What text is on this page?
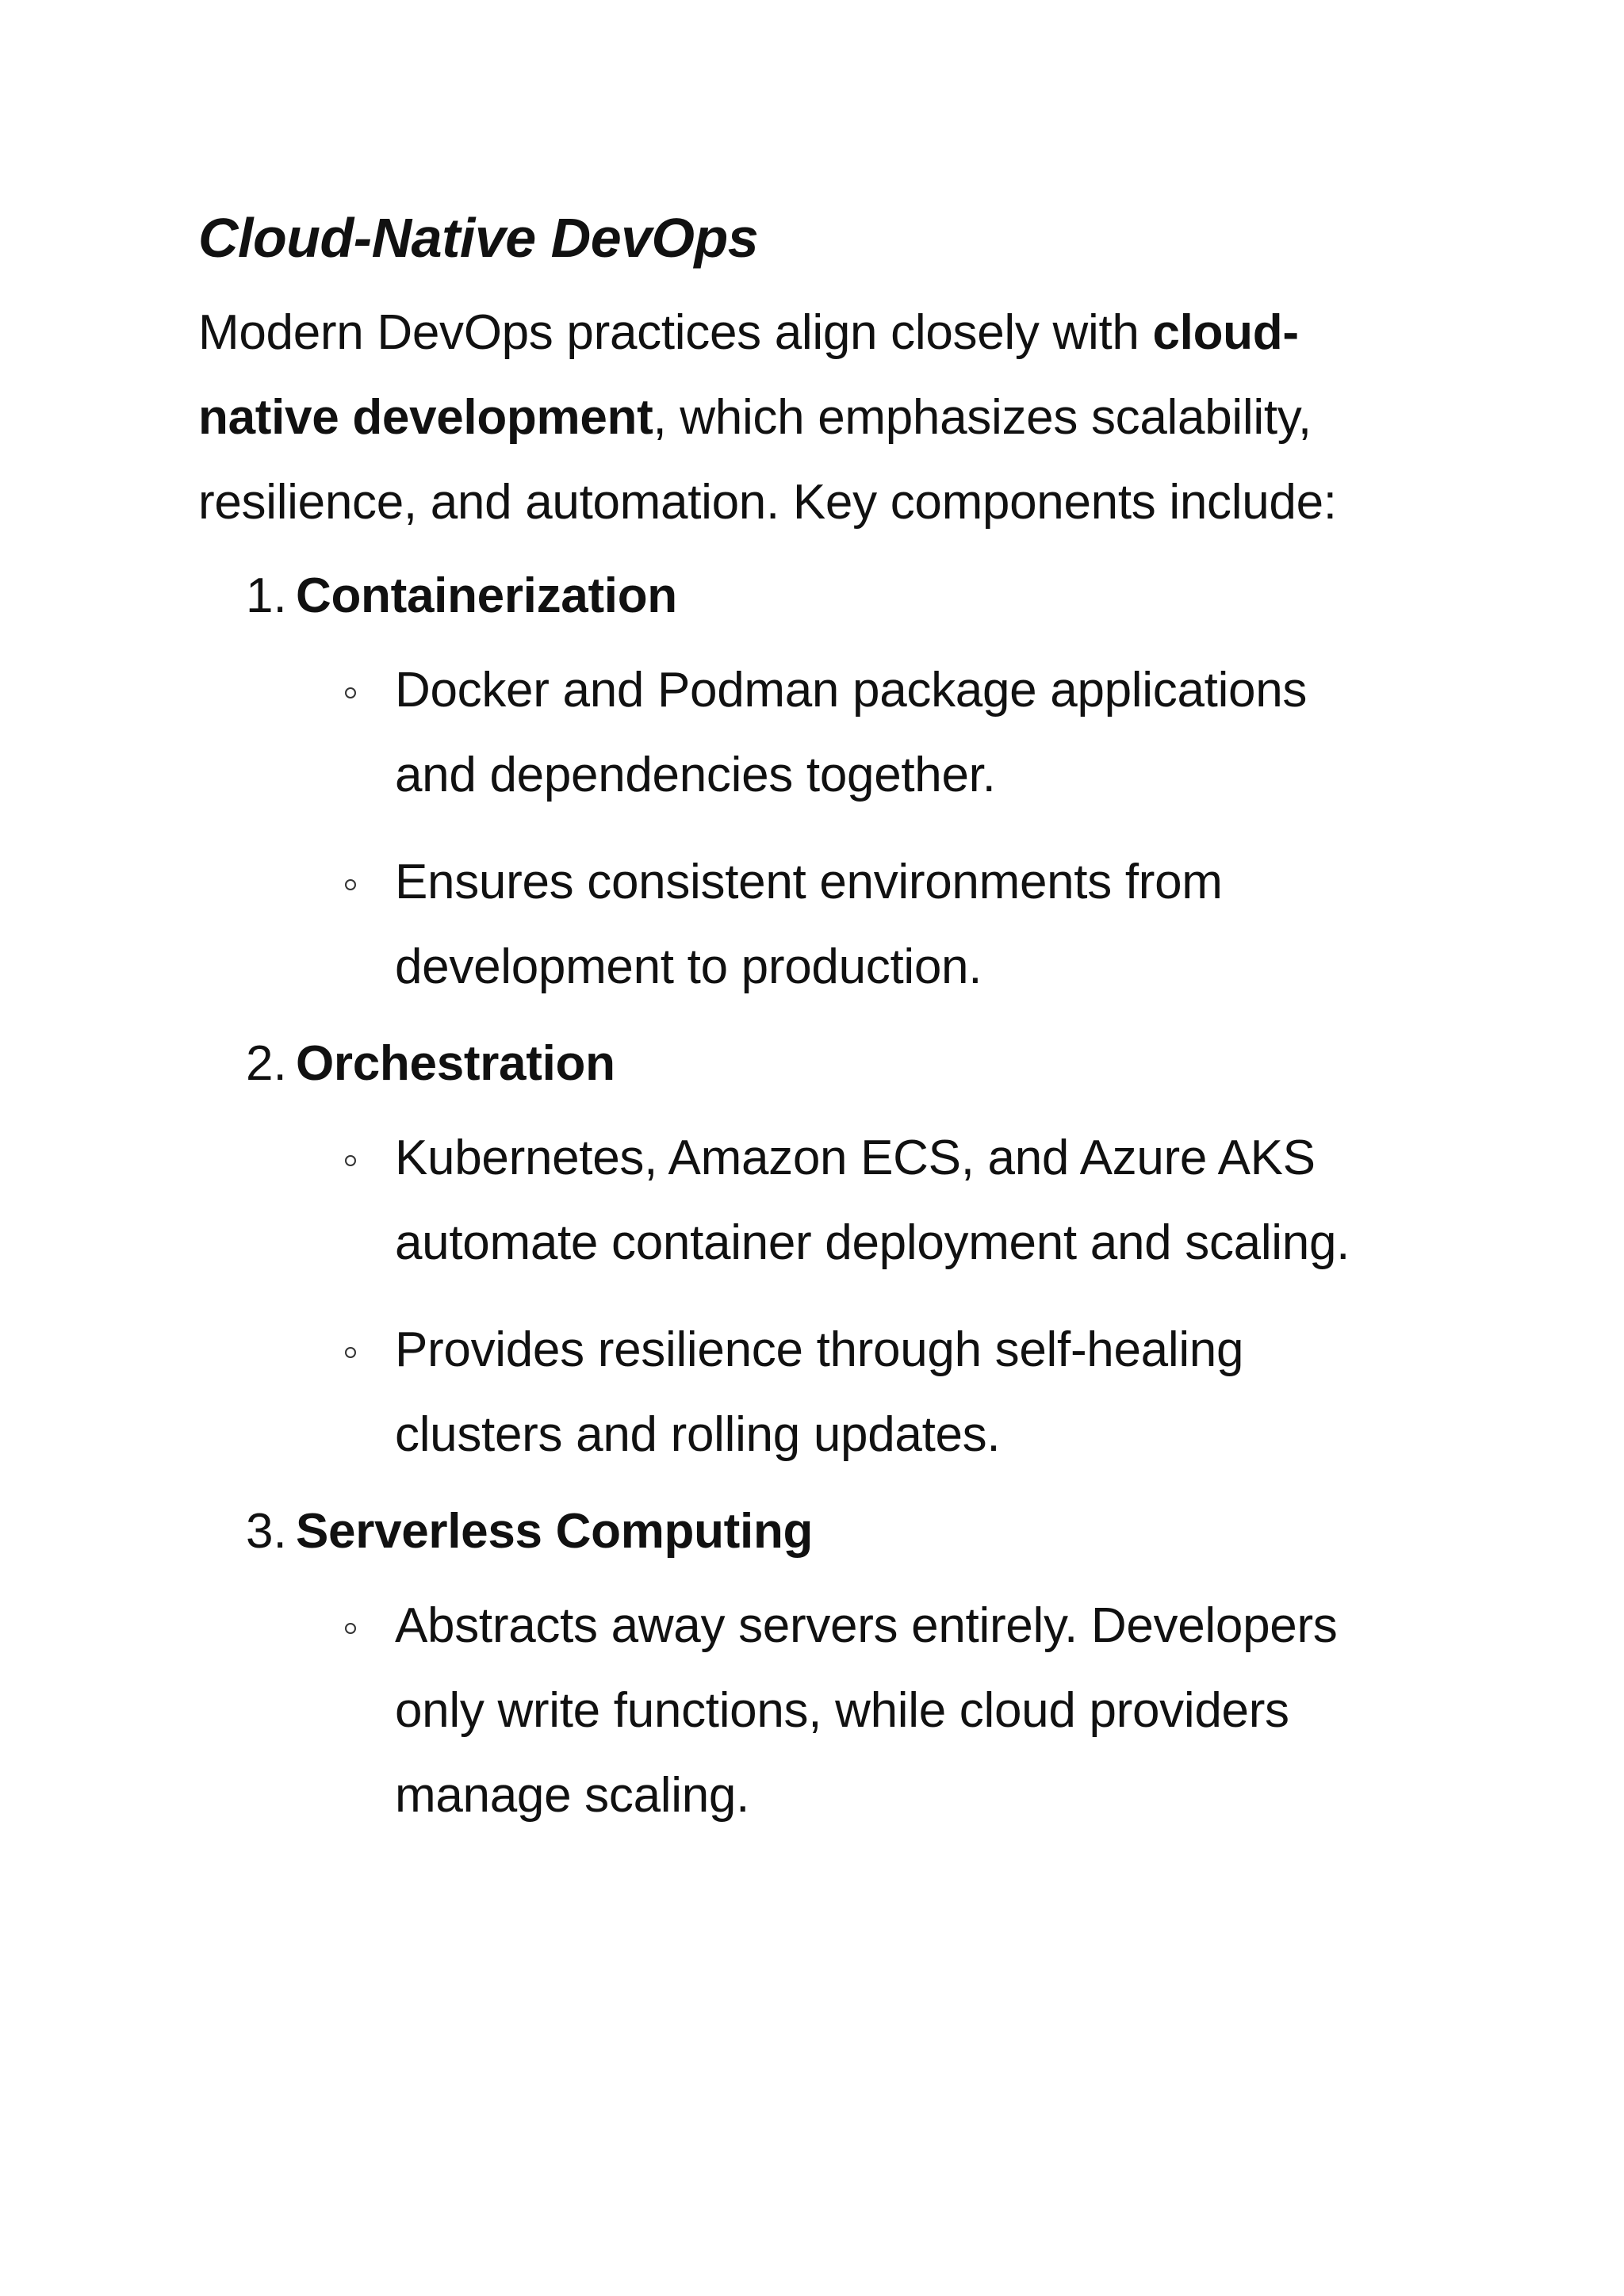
Cloud-Native DevOps

Modern DevOps practices align closely with cloud-native development, which emphasizes scalability, resilience, and automation. Key components include:

1. Containerization
Docker and Podman package applications and dependencies together.
Ensures consistent environments from development to production.
2. Orchestration
Kubernetes, Amazon ECS, and Azure AKS automate container deployment and scaling.
Provides resilience through self-healing clusters and rolling updates.
3. Serverless Computing
Abstracts away servers entirely. Developers only write functions, while cloud providers manage scaling.
